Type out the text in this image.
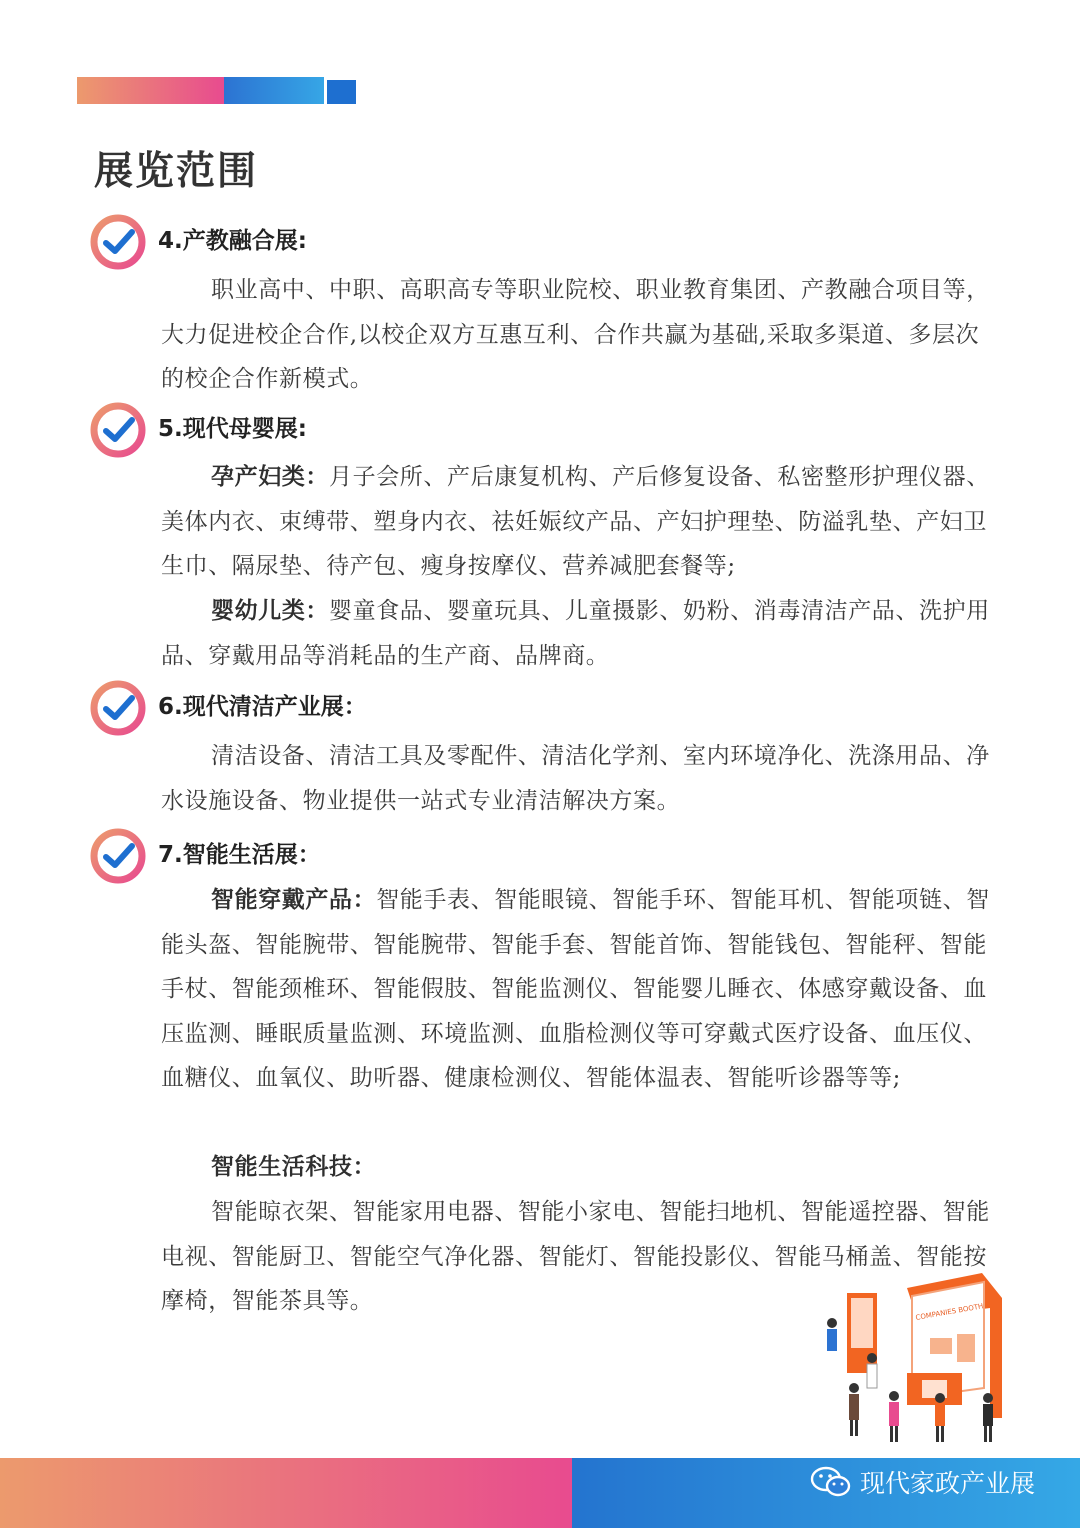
展览范围
4.产教融合展:
职业高中、中职、高职高专等职业院校、职业教育集团、产教融合项目等，大力促进校企合作,以校企双方互惠互利、合作共赢为基础,采取多渠道、多层次的校企合作新模式。
5.现代母婴展:
孕产妇类：月子会所、产后康复机构、产后修复设备、私密整形护理仪器、美体内衣、束缚带、塑身内衣、祛妊娠纹产品、产妇护理垫、防溢乳垫、产妇卫生巾、隔尿垫、待产包、瘦身按摩仪、营养减肥套餐等;
婴幼儿类：婴童食品、婴童玩具、儿童摄影、奶粉、消毒清洁产品、洗护用品、穿戴用品等消耗品的生产商、品牌商。
6.现代清洁产业展：
清洁设备、清洁工具及零配件、清洁化学剂、室内环境净化、洗涤用品、净水设施设备、物业提供一站式专业清洁解决方案。
7.智能生活展：
智能穿戴产品：智能手表、智能眼镜、智能手环、智能耳机、智能项链、智能头盔、智能腕带、智能腕带、智能手套、智能首饰、智能钱包、智能秤、智能手杖、智能颈椎环、智能假肢、智能监测仪、智能婴儿睡衣、体感穿戴设备、血压监测、睡眠质量监测、环境监测、血脂检测仪等可穿戴式医疗设备、血压仪、血糖仪、血氧仪、助听器、健康检测仪、智能体温表、智能听诊器等等;
智能生活科技：
智能晾衣架、智能家用电器、智能小家电、智能扫地机、智能遥控器、智能电视、智能厨卫、智能空气净化器、智能灯、智能投影仪、智能马桶盖、智能按摩椅，智能茶具等。	COMPANIES BOOTH
现代家政产业展
